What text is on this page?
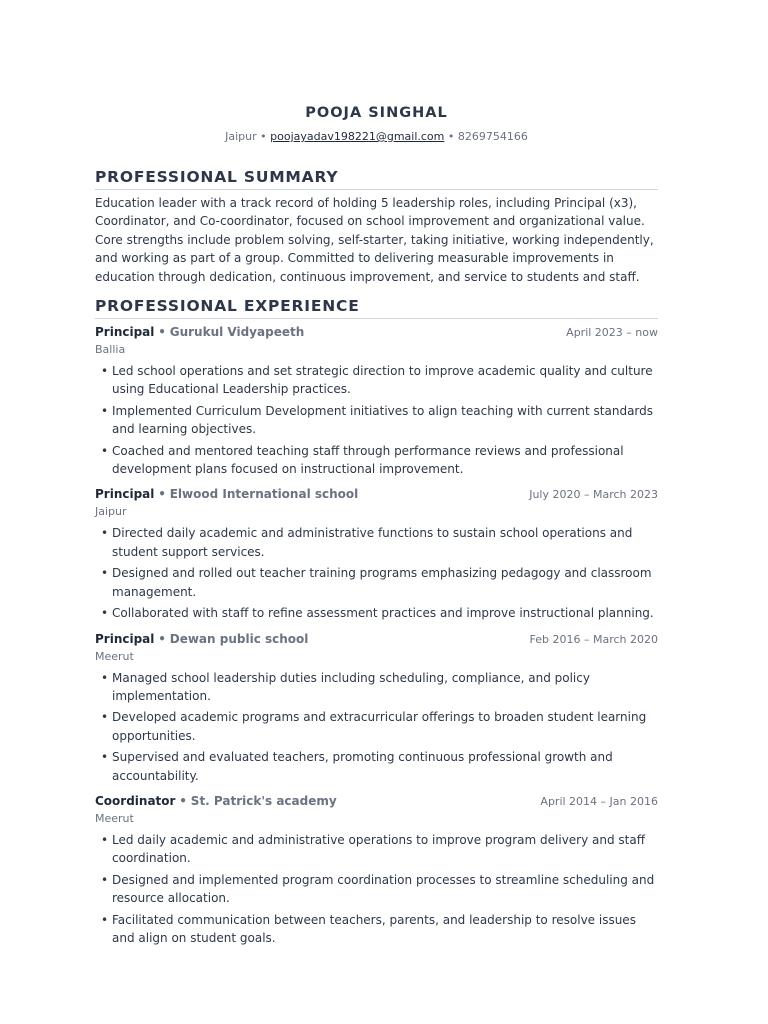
POOJA SINGHAL
Jaipur • poojayadav198221@gmail.com • 8269754166
PROFESSIONAL SUMMARY

Education leader with a track record of holding 5 leadership roles, including Principal (x3), Coordinator, and Co-coordinator, focused on school improvement and organizational value. Core strengths include problem solving, self-starter, taking initiative, working independently, and working as part of a group. Committed to delivering measurable improvements in education through dedication, continuous improvement, and service to students and staff.

PROFESSIONAL EXPERIENCE
Principal • Gurukul Vidyapeeth	April 2023 – now
Ballia
• Led school operations and set strategic direction to improve academic quality and culture using Educational Leadership practices.
• Implemented Curriculum Development initiatives to align teaching with current standards and learning objectives.
• Coached and mentored teaching staff through performance reviews and professional development plans focused on instructional improvement.
Principal • Elwood International school	July 2020 – March 2023
Jaipur
• Directed daily academic and administrative functions to sustain school operations and student support services.
• Designed and rolled out teacher training programs emphasizing pedagogy and classroom management.
• Collaborated with staff to refine assessment practices and improve instructional planning.
Principal • Dewan public school	Feb 2016 – March 2020
Meerut
• Managed school leadership duties including scheduling, compliance, and policy implementation.
• Developed academic programs and extracurricular offerings to broaden student learning opportunities.
• Supervised and evaluated teachers, promoting continuous professional growth and accountability.
Coordinator • St. Patrick's academy	April 2014 – Jan 2016
Meerut
• Led daily academic and administrative operations to improve program delivery and staff coordination.
• Designed and implemented program coordination processes to streamline scheduling and resource allocation.
• Facilitated communication between teachers, parents, and leadership to resolve issues and align on student goals.
